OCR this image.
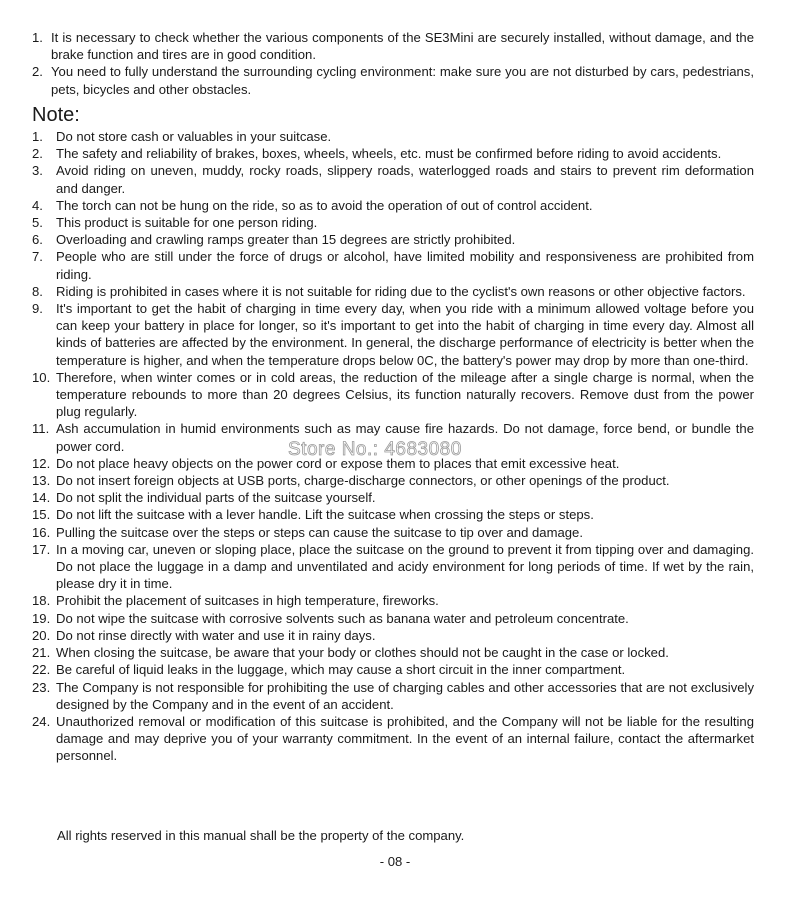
1. It is necessary to check whether the various components of the SE3Mini are securely installed, without damage, and the brake function and tires are in good condition.
2. You need to fully understand the surrounding cycling environment: make sure you are not disturbed by cars, pedestrians, pets, bicycles and other obstacles.
Note:
1. Do not store cash or valuables in your suitcase.
2. The safety and reliability of brakes, boxes, wheels, wheels, etc. must be confirmed before riding to avoid accidents.
3. Avoid riding on uneven, muddy, rocky roads, slippery roads, waterlogged roads and stairs to prevent rim deformation and danger.
4. The torch can not be hung on the ride, so as to avoid the operation of out of control accident.
5. This product is suitable for one person riding.
6. Overloading and crawling ramps greater than 15 degrees are strictly prohibited.
7. People who are still under the force of drugs or alcohol, have limited mobility and responsiveness are prohibited from riding.
8. Riding is prohibited in cases where it is not suitable for riding due to the cyclist's own reasons or other objective factors.
9. It's important to get the habit of charging in time every day, when you ride with a minimum allowed voltage before you can keep your battery in place for longer, so it's important to get into the habit of charging in time every day. Almost all kinds of batteries are affected by the environment. In general, the discharge performance of electricity is better when the temperature is higher, and when the temperature drops below 0C, the battery's power may drop by more than one-third.
10. Therefore, when winter comes or in cold areas, the reduction of the mileage after a single charge is normal, when the temperature rebounds to more than 20 degrees Celsius, its function naturally recovers. Remove dust from the power plug regularly.
11. Ash accumulation in humid environments such as may cause fire hazards. Do not damage, force bend, or bundle the power cord.
12. Do not place heavy objects on the power cord or expose them to places that emit excessive heat.
13. Do not insert foreign objects at USB ports, charge-discharge connectors, or other openings of the product.
14. Do not split the individual parts of the suitcase yourself.
15. Do not lift the suitcase with a lever handle. Lift the suitcase when crossing the steps or steps.
16. Pulling the suitcase over the steps or steps can cause the suitcase to tip over and damage.
17. In a moving car, uneven or sloping place, place the suitcase on the ground to prevent it from tipping over and damaging. Do not place the luggage in a damp and unventilated and acidy environment for long periods of time. If wet by the rain, please dry it in time.
18. Prohibit the placement of suitcases in high temperature, fireworks.
19. Do not wipe the suitcase with corrosive solvents such as banana water and petroleum concentrate.
20. Do not rinse directly with water and use it in rainy days.
21. When closing the suitcase, be aware that your body or clothes should not be caught in the case or locked.
22. Be careful of liquid leaks in the luggage, which may cause a short circuit in the inner compartment.
23. The Company is not responsible for prohibiting the use of charging cables and other accessories that are not exclusively designed by the Company and in the event of an accident.
24. Unauthorized removal or modification of this suitcase is prohibited, and the Company will not be liable for the resulting damage and may deprive you of your warranty commitment. In the event of an internal failure, contact the aftermarket personnel.
All rights reserved in this manual shall be the property of the company.
- 08 -
Store No.: 4683080
